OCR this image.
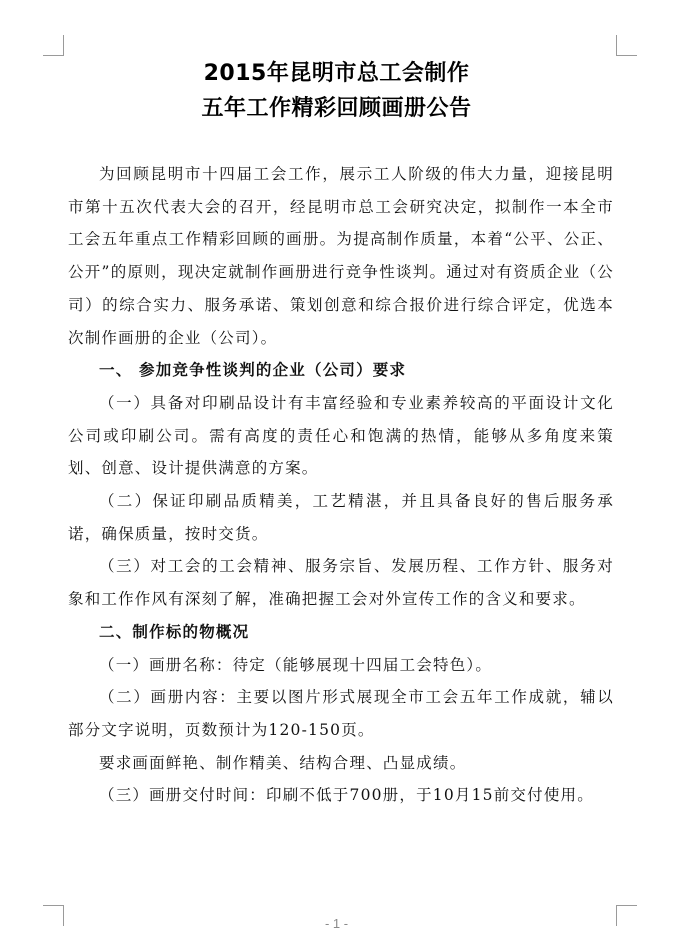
2015年昆明市总工会制作
五年工作精彩回顾画册公告

为回顾昆明市十四届工会工作，展示工人阶级的伟大力量，迎接昆明市第十五次代表大会的召开，经昆明市总工会研究决定，拟制作一本全市工会五年重点工作精彩回顾的画册。为提高制作质量，本着“公平、公正、公开”的原则，现决定就制作画册进行竞争性谈判。通过对有资质企业（公司）的综合实力、服务承诺、策划创意和综合报价进行综合评定，优选本次制作画册的企业（公司）。

一、 参加竞争性谈判的企业（公司）要求

（一）具备对印刷品设计有丰富经验和专业素养较高的平面设计文化公司或印刷公司。需有高度的责任心和饱满的热情，能够从多角度来策划、创意、设计提供满意的方案。

（二）保证印刷品质精美，工艺精湛，并且具备良好的售后服务承诺，确保质量，按时交货。

（三）对工会的工会精神、服务宗旨、发展历程、工作方针、服务对象和工作作风有深刻了解，准确把握工会对外宣传工作的含义和要求。

二、制作标的物概况

（一）画册名称：待定（能够展现十四届工会特色）。

（二）画册内容：主要以图片形式展现全市工会五年工作成就，辅以部分文字说明，页数预计为120-150页。

要求画面鲜艳、制作精美、结构合理、凸显成绩。

（三）画册交付时间：印刷不低于700册，于10月15前交付使用。

- 1 -
